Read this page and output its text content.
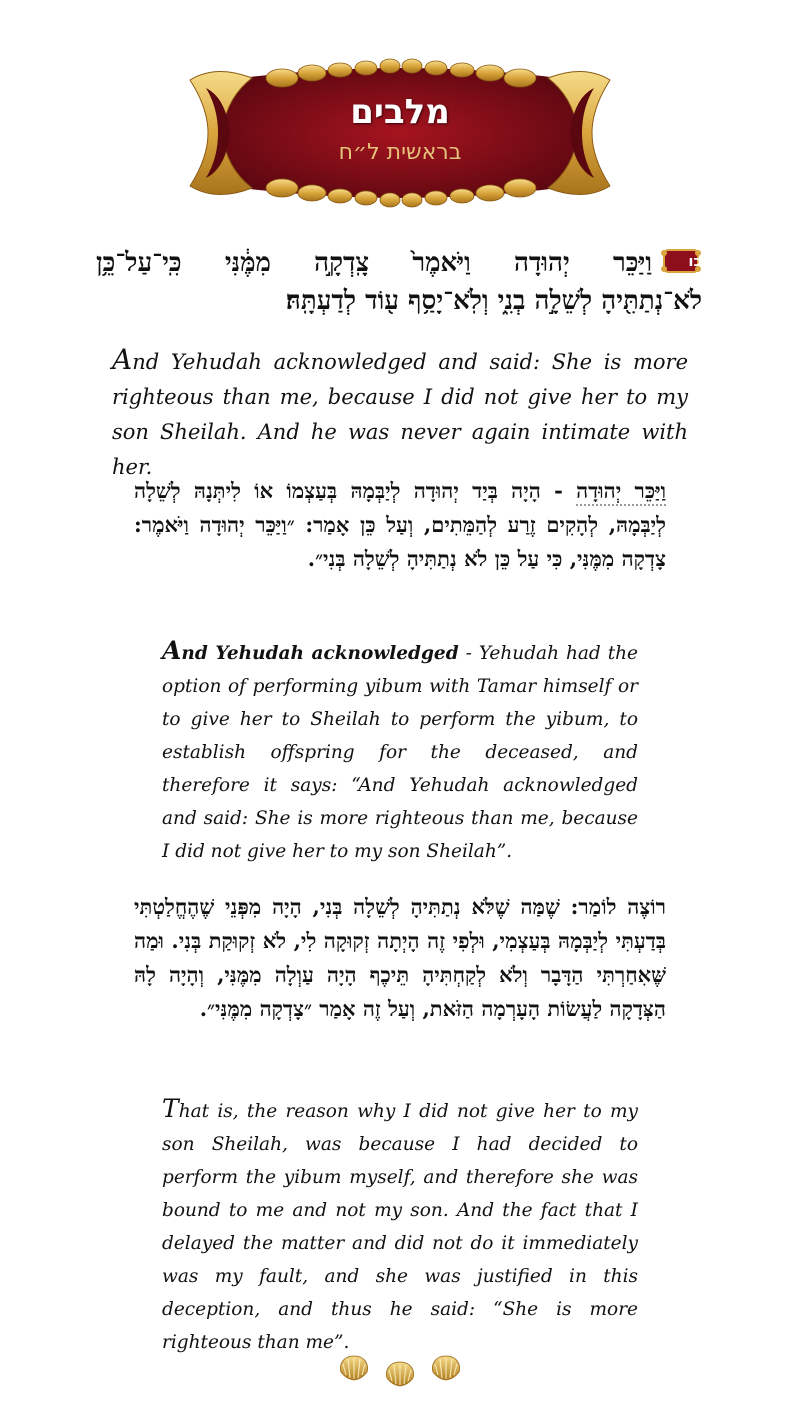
מלבים
בראשית ל״ח
כו
וַיַּכֵּר יְהוּדָה וַיֹּאמֶר֙ צָֽדְקָ֣ה מִמֶּ֔נִּי כִּֽי־עַל־כֵּ֥ן
לֹא־נְתַתִּ֖יהָ לְשֵׁלָ֣ה בְנִ֑י וְלֹֽא־יָסַ֥ף ע֖וֹד לְדַעְתָּֽהּ׃
And Yehudah acknowledged and said: She is more righteous than me, because I did not give her to my son Sheilah. And he was never again intimate with her.
וַיַּכֵּר יְהוּדָה - הָיָה בְּיַד יְהוּדָה לְיַבְּמָהּ בְּעַצְמוֹ אוֹ לִיתְּנָהּ לְשֵׁלָה לְיַבְּמָהּ, לְהָקִים זֶרַע לְהַמֵּתִים, וְעַל כֵּן אָמַר: ״וַיַּכֵּר יְהוּדָה וַיֹּאמֶר: צָדְקָה מִמֶּנִּי, כִּי עַל כֵּן לֹא נְתַתִּיהָ לְשֵׁלָה בְּנִי״.
And Yehudah acknowledged - Yehudah had the option of performing yibum with Tamar himself or to give her to Sheilah to perform the yibum, to establish offspring for the deceased, and therefore it says: “And Yehudah acknowledged and said: She is more righteous than me, because I did not give her to my son Sheilah”.
רוֹצֶה לוֹמַר: שֶׁמַּה שֶׁלֹּא נְתַתִּיהָ לְשֵׁלָה בְּנִי, הָיָה מִפְּנֵי שֶׁהֶחֱלַטְתִּי בְּדַעְתִּי לְיַבְּמָהּ בְּעַצְמִי, וּלְפִי זֶה הָיְתָה זְקוּקָה לִי, לֹא זְקוּקַת בְּנִי. וּמַה שֶּׁאִחַרְתִּי הַדָּבָר וְלֹא לְקַחְתִּיהָ תֵּיכֶף הָיָה עַוְלָה מִמֶּנִּי, וְהָיָה לָהּ הַצְּדָקָה לַעֲשׂוֹת הָעָרְמָה הַזֹּאת, וְעַל זֶה אָמַר ״צָדְקָה מִמֶּנִּי״.
That is, the reason why I did not give her to my son Sheilah, was because I had decided to perform the yibum myself, and therefore she was bound to me and not my son. And the fact that I delayed the matter and did not do it immediately was my fault, and she was justified in this deception, and thus he said: “She is more righteous than me”.
